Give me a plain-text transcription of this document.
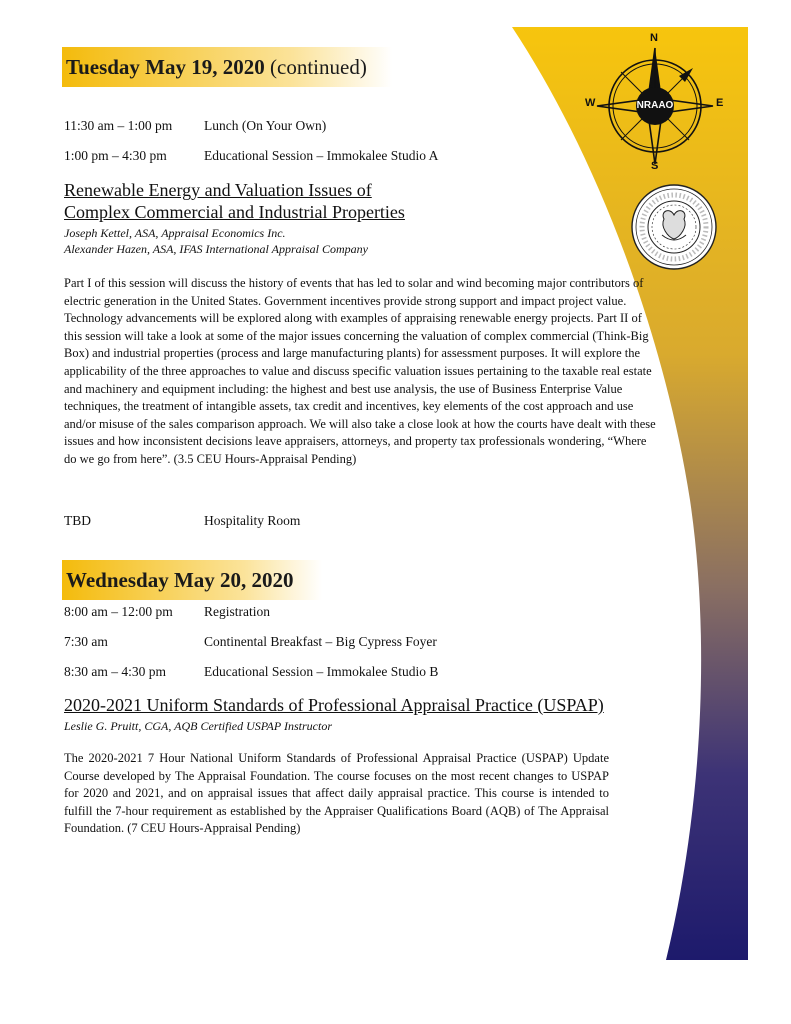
Tuesday May 19, 2020 (continued)
11:30 am – 1:00 pm Lunch (On Your Own)
1:00 pm – 4:30 pm	Educational Session – Immokalee Studio A
Renewable Energy and Valuation Issues of
Complex Commercial and Industrial Properties
Joseph Kettel, ASA, Appraisal Economics Inc.
Alexander Hazen, ASA, IFAS International Appraisal Company
Part I of this session will discuss the history of events that has led to solar and wind becoming major contributors of electric generation in the United States. Government incentives provide strong support and impact project value. Technology advancements will be explored along with examples of appraising renewable energy projects. Part II of this session will take a look at some of the major issues concerning the valuation of complex commercial (Think-Big Box) and industrial properties (process and large manufacturing plants) for assessment purposes. It will explore the applicability of the three approaches to value and discuss specific valuation issues pertaining to the taxable real estate and machinery and equipment including: the highest and best use analysis, the use of Business Enterprise Value techniques, the treatment of intangible assets, tax credit and incentives, key elements of the cost approach and use and/or misuse of the sales comparison approach. We will also take a close look at how the courts have dealt with these issues and how inconsistent decisions leave appraisers, attorneys, and property tax professionals wondering, “Where do we go from here”. (3.5 CEU Hours-Appraisal Pending)
TBD	Hospitality Room
Wednesday May 20, 2020
8:00 am – 12:00 pm Registration
7:30 am	Continental Breakfast – Big Cypress Foyer
8:30 am – 4:30 pm	Educational Session – Immokalee Studio B
2020-2021 Uniform Standards of Professional Appraisal Practice (USPAP)
Leslie G. Pruitt, CGA, AQB Certified USPAP Instructor
The 2020-2021 7 Hour National Uniform Standards of Professional Appraisal Practice (USPAP) Update Course developed by The Appraisal Foundation. The course focuses on the most recent changes to USPAP for 2020 and 2021, and on appraisal issues that affect daily appraisal practice. This course is intended to fulfill the 7-hour requirement as established by the Appraiser Qualifications Board (AQB) of The Appraisal Foundation. (7 CEU Hours-Appraisal Pending)
N
S
E
W	NRAAO
